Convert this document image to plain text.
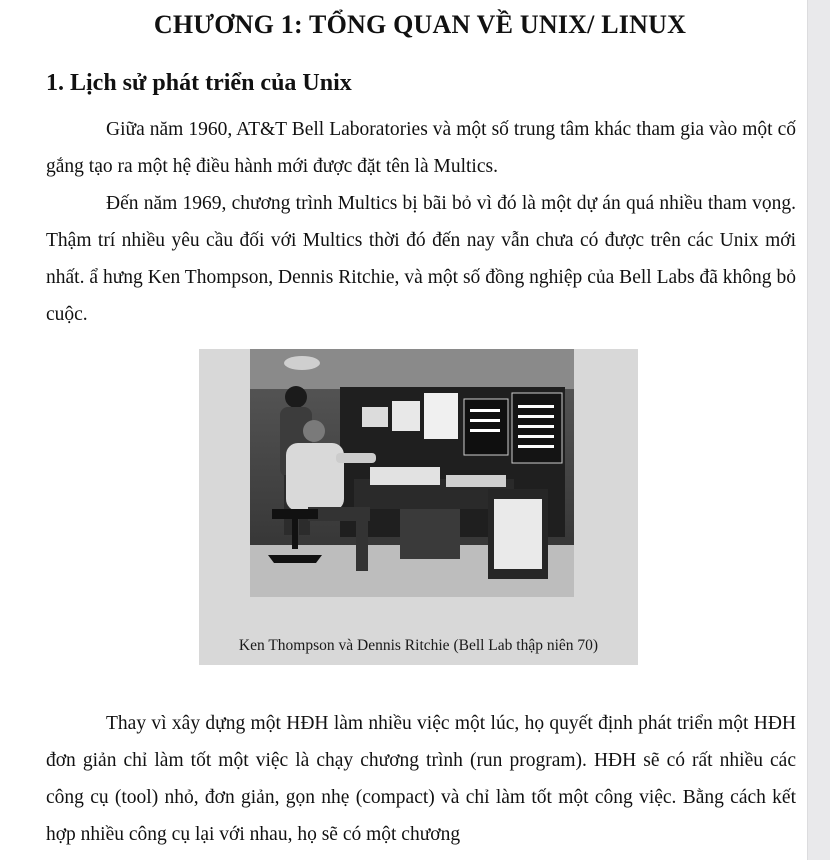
CHƯƠNG 1: TỔNG QUAN VỀ UNIX/ LINUX
1. Lịch sử phát triển của Unix
Giữa năm 1960, AT&T Bell Laboratories và một số trung tâm khác tham gia vào một cố gắng tạo ra một hệ điều hành mới được đặt tên là Multics.
Đến năm 1969, chương trình Multics bị bãi bỏ vì đó là một dự án quá nhiều tham vọng. Thậm trí nhiều yêu cầu đối với Multics thời đó đến nay vẫn chưa có được trên các Unix mới nhất. ẩ hưng Ken Thompson, Dennis Ritchie, và một số đồng nghiệp của Bell Labs đã không bỏ cuộc.
Ken Thompson và Dennis Ritchie (Bell Lab thập niên 70)
Thay vì xây dựng một HĐH làm nhiều việc một lúc, họ quyết định phát triển một HĐH đơn giản chỉ làm tốt một việc là chạy chương trình (run program). HĐH sẽ có rất nhiều các công cụ (tool) nhỏ, đơn giản, gọn nhẹ (compact) và chỉ làm tốt một công việc. Bằng cách kết hợp nhiều công cụ lại với nhau, họ sẽ có một chương
